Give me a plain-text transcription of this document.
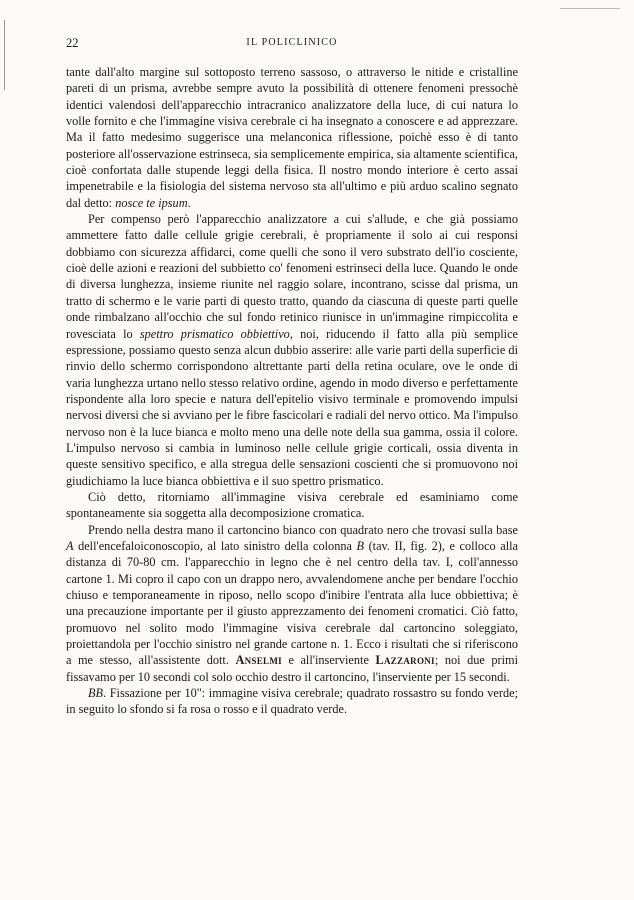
22	IL POLICLINICO

tante dall'alto margine sul sottoposto terreno sassoso, o attraverso le nitide e cristalline pareti di un prisma, avrebbe sempre avuto la possibilità di ottenere fenomeni pressochè identici valendosi dell'apparecchio intracranico analizzatore della luce, di cui natura lo volle fornito e che l'immagine visiva cerebrale ci ha insegnato a conoscere e ad apprezzare. Ma il fatto medesimo suggerisce una melanconica riflessione, poichè esso è di tanto posteriore all'osservazione estrinseca, sia semplicemente empirica, sia altamente scientifica, cioè confortata dalle stupende leggi della fisica. Il nostro mondo interiore è certo assai impenetrabile e la fisiologia del sistema nervoso sta all'ultimo e più arduo scalino segnato dal detto: nosce te ipsum.

Per compenso però l'apparecchio analizzatore a cui s'allude, e che già possiamo ammettere fatto dalle cellule grigie cerebrali, è propriamente il solo ai cui responsi dobbiamo con sicurezza affidarci, come quelli che sono il vero substrato dell'io cosciente, cioè delle azioni e reazioni del subbietto co' fenomeni estrinseci della luce. Quando le onde di diversa lunghezza, insieme riunite nel raggio solare, incontrano, scisse dal prisma, un tratto di schermo e le varie parti di questo tratto, quando da ciascuna di queste parti quelle onde rimbalzano all'occhio che sul fondo retinico riunisce in un'immagine rimpiccolita e rovesciata lo spettro prismatico obbiettivo, noi, riducendo il fatto alla più semplice espressione, possiamo questo senza alcun dubbio asserire: alle varie parti della superficie di rinvio dello schermo corrispondono altrettante parti della retina oculare, ove le onde di varia lunghezza urtano nello stesso relativo ordine, agendo in modo diverso e perfettamente rispondente alla loro specie e natura dell'epitelio visivo terminale e promovendo impulsi nervosi diversi che si avviano per le fibre fascicolari e radiali del nervo ottico. Ma l'impulso nervoso non è la luce bianca e molto meno una delle note della sua gamma, ossia il colore. L'impulso nervoso si cambia in luminoso nelle cellule grigie corticali, ossia diventa in queste sensitivo specifico, e alla stregua delle sensazioni coscienti che si promuovono noi giudichiamo la luce bianca obbiettiva e il suo spettro prismatico.

Ciò detto, ritorniamo all'immagine visiva cerebrale ed esaminiamo come spontaneamente sia soggetta alla decomposizione cromatica.

Prendo nella destra mano il cartoncino bianco con quadrato nero che trovasi sulla base A dell'encefaloiconoscopio, al lato sinistro della colonna B (tav. II, fig. 2), e colloco alla distanza di 70-80 cm. l'apparecchio in legno che è nel centro della tav. I, coll'annesso cartone 1. Mi copro il capo con un drappo nero, avvalendomene anche per bendare l'occhio chiuso e temporaneamente in riposo, nello scopo d'inibire l'entrata alla luce obbiettiva; è una precauzione importante per il giusto apprezzamento dei fenomeni cromatici. Ciò fatto, promuovo nel solito modo l'immagine visiva cerebrale dal cartoncino soleggiato, proiettandola per l'occhio sinistro nel grande cartone n. 1. Ecco i risultati che si riferiscono a me stesso, all'assistente dott. Anselmi e all'inserviente Lazzaroni; noi due primi fissavamo per 10 secondi col solo occhio destro il cartoncino, l'inserviente per 15 secondi.

BB. Fissazione per 10": immagine visiva cerebrale; quadrato rossastro su fondo verde; in seguito lo sfondo si fa rosa o rosso e il quadrato verde.
